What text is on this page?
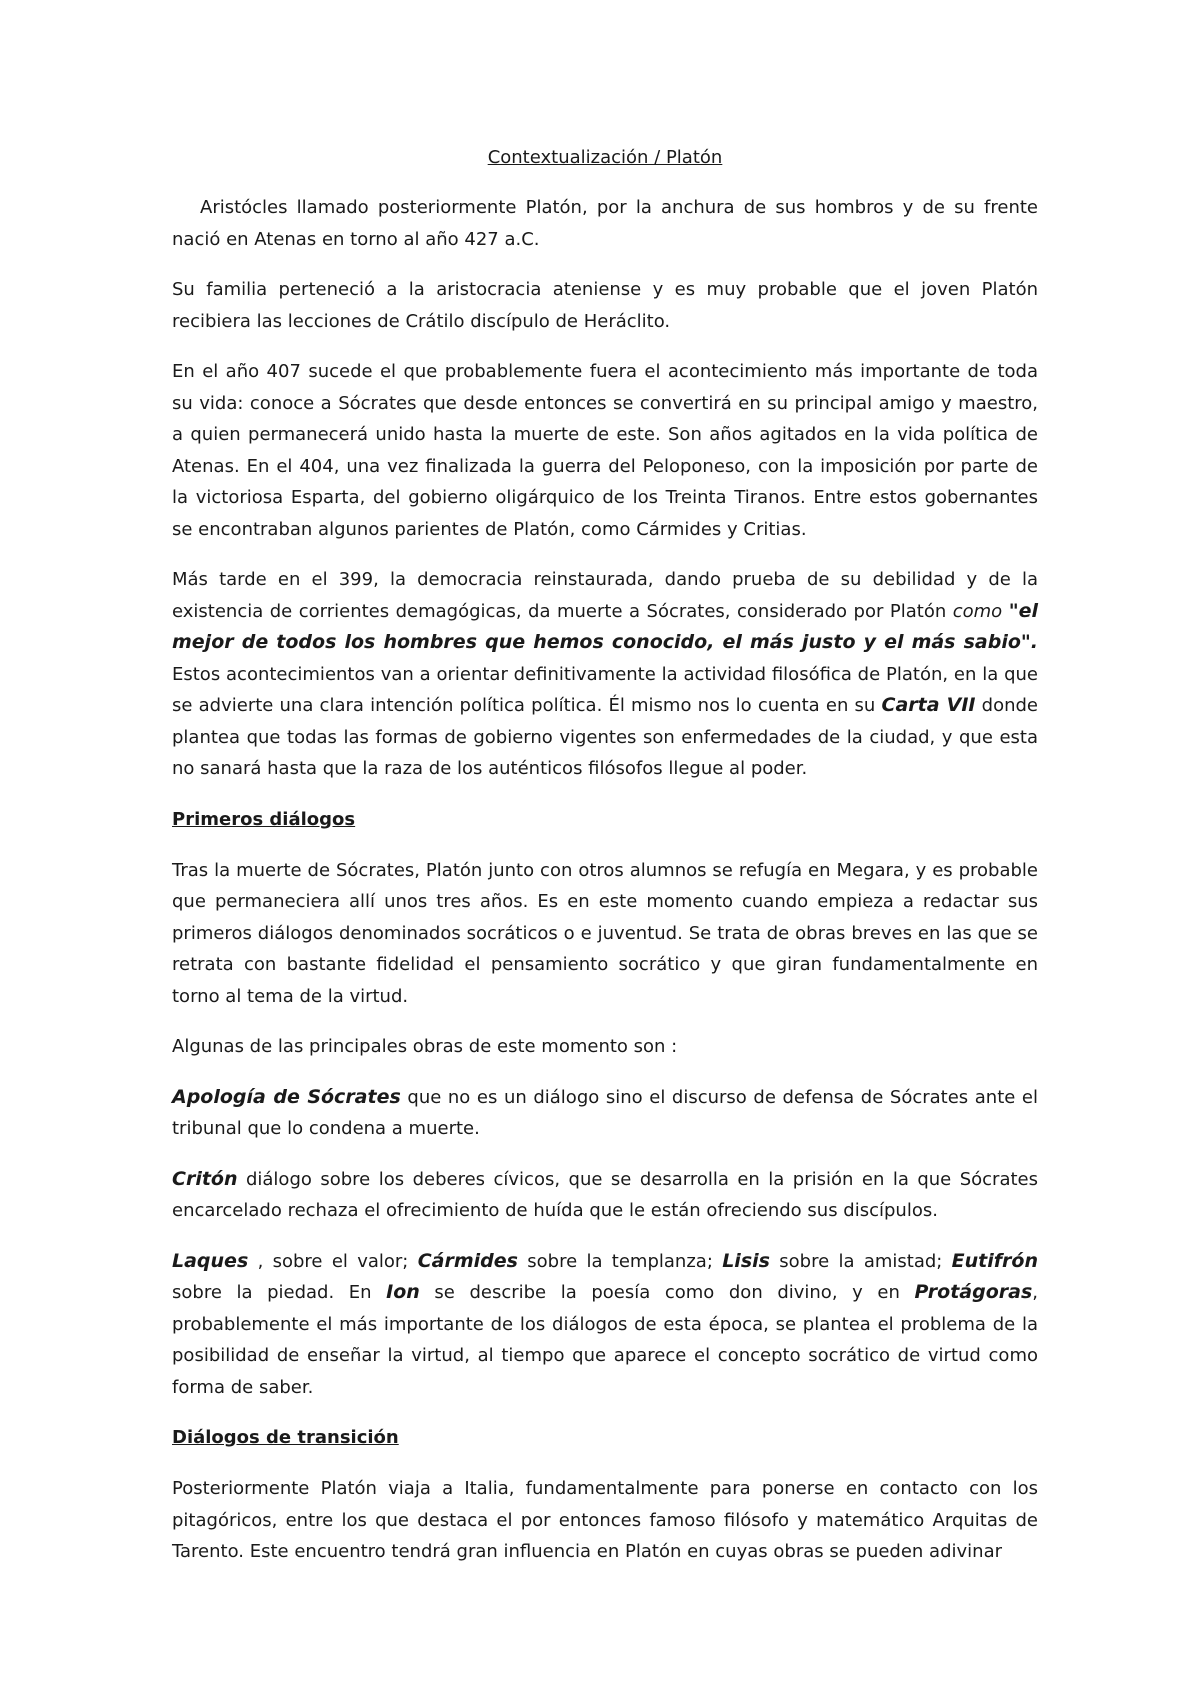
Contextualización / Platón

Aristócles llamado posteriormente Platón, por la anchura de sus hombros y de su frente nació en Atenas en torno al año 427 a.C.

Su familia perteneció a la aristocracia ateniense y es muy probable que el joven Platón recibiera las lecciones de Crátilo discípulo de Heráclito.

En el año 407 sucede el que probablemente fuera el acontecimiento más importante de toda su vida: conoce a Sócrates que desde entonces se convertirá en su principal amigo y maestro, a quien permanecerá unido hasta la muerte de este. Son años agitados en la vida política de Atenas. En el 404, una vez finalizada la guerra del Peloponeso, con la imposición por parte de la victoriosa Esparta, del gobierno oligárquico de los Treinta Tiranos. Entre estos gobernantes se encontraban algunos parientes de Platón, como Cármides y Critias.

Más tarde en el 399, la democracia reinstaurada, dando prueba de su debilidad y de la existencia de corrientes demagógicas, da muerte a Sócrates, considerado por Platón como "el mejor de todos los hombres que hemos conocido, el más justo y el más sabio". Estos acontecimientos van a orientar definitivamente la actividad filosófica de Platón, en la que se advierte una clara intención política política. Él mismo nos lo cuenta en su Carta VII donde plantea que todas las formas de gobierno vigentes son enfermedades de la ciudad, y que esta no sanará hasta que la raza de los auténticos filósofos llegue al poder.

Primeros diálogos

Tras la muerte de Sócrates, Platón junto con otros alumnos se refugía en Megara, y es probable que permaneciera allí unos tres años. Es en este momento cuando empieza a redactar sus primeros diálogos denominados socráticos o e juventud. Se trata de obras breves en las que se retrata con bastante fidelidad el pensamiento socrático y que giran fundamentalmente en torno al tema de la virtud.

Algunas de las principales obras de este momento son :

Apología de Sócrates que no es un diálogo sino el discurso de defensa de Sócrates ante el tribunal que lo condena a muerte.

Critón diálogo sobre los deberes cívicos, que se desarrolla en la prisión en la que Sócrates encarcelado rechaza el ofrecimiento de huída que le están ofreciendo sus discípulos.

Laques , sobre el valor; Cármides sobre la templanza; Lisis sobre la amistad; Eutifrón sobre la piedad. En Ion se describe la poesía como don divino, y en Protágoras, probablemente el más importante de los diálogos de esta época, se plantea el problema de la posibilidad de enseñar la virtud, al tiempo que aparece el concepto socrático de virtud como forma de saber.

Diálogos de transición

Posteriormente Platón viaja a Italia, fundamentalmente para ponerse en contacto con los pitagóricos, entre los que destaca el por entonces famoso filósofo y matemático Arquitas de Tarento. Este encuentro tendrá gran influencia en Platón en cuyas obras se pueden adivinar
